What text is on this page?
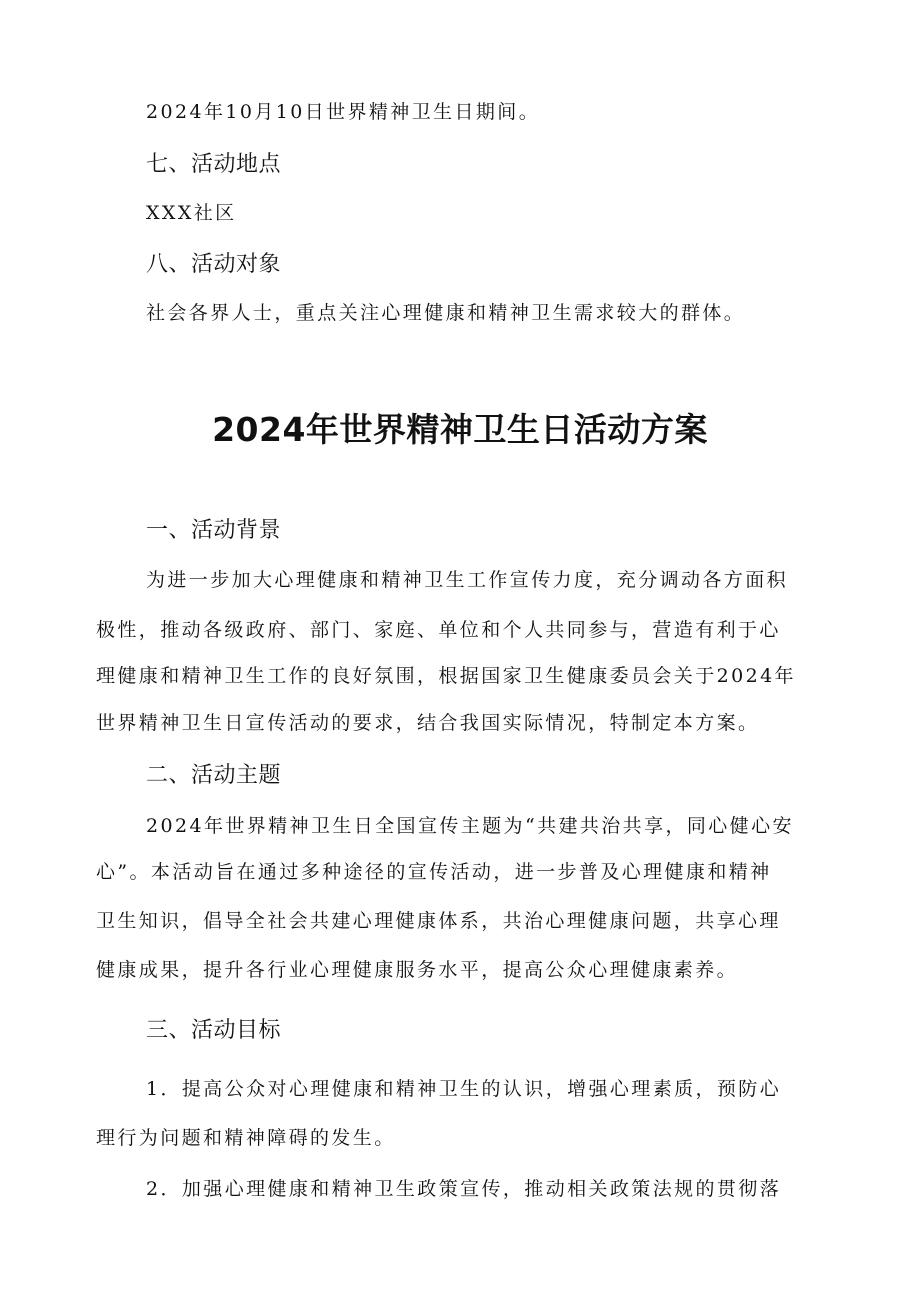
2024年10月10日世界精神卫生日期间。

七、活动地点

XXX社区

八、活动对象

社会各界人士，重点关注心理健康和精神卫生需求较大的群体。

2024年世界精神卫生日活动方案

一、活动背景

为进一步加大心理健康和精神卫生工作宣传力度，充分调动各方面积

极性，推动各级政府、部门、家庭、单位和个人共同参与，营造有利于心

理健康和精神卫生工作的良好氛围，根据国家卫生健康委员会关于2024年

世界精神卫生日宣传活动的要求，结合我国实际情况，特制定本方案。

二、活动主题

2024年世界精神卫生日全国宣传主题为“共建共治共享，同心健心安

心”。本活动旨在通过多种途径的宣传活动，进一步普及心理健康和精神

卫生知识，倡导全社会共建心理健康体系，共治心理健康问题，共享心理

健康成果，提升各行业心理健康服务水平，提高公众心理健康素养。

三、活动目标

1．提高公众对心理健康和精神卫生的认识，增强心理素质，预防心

理行为问题和精神障碍的发生。

2．加强心理健康和精神卫生政策宣传，推动相关政策法规的贯彻落
